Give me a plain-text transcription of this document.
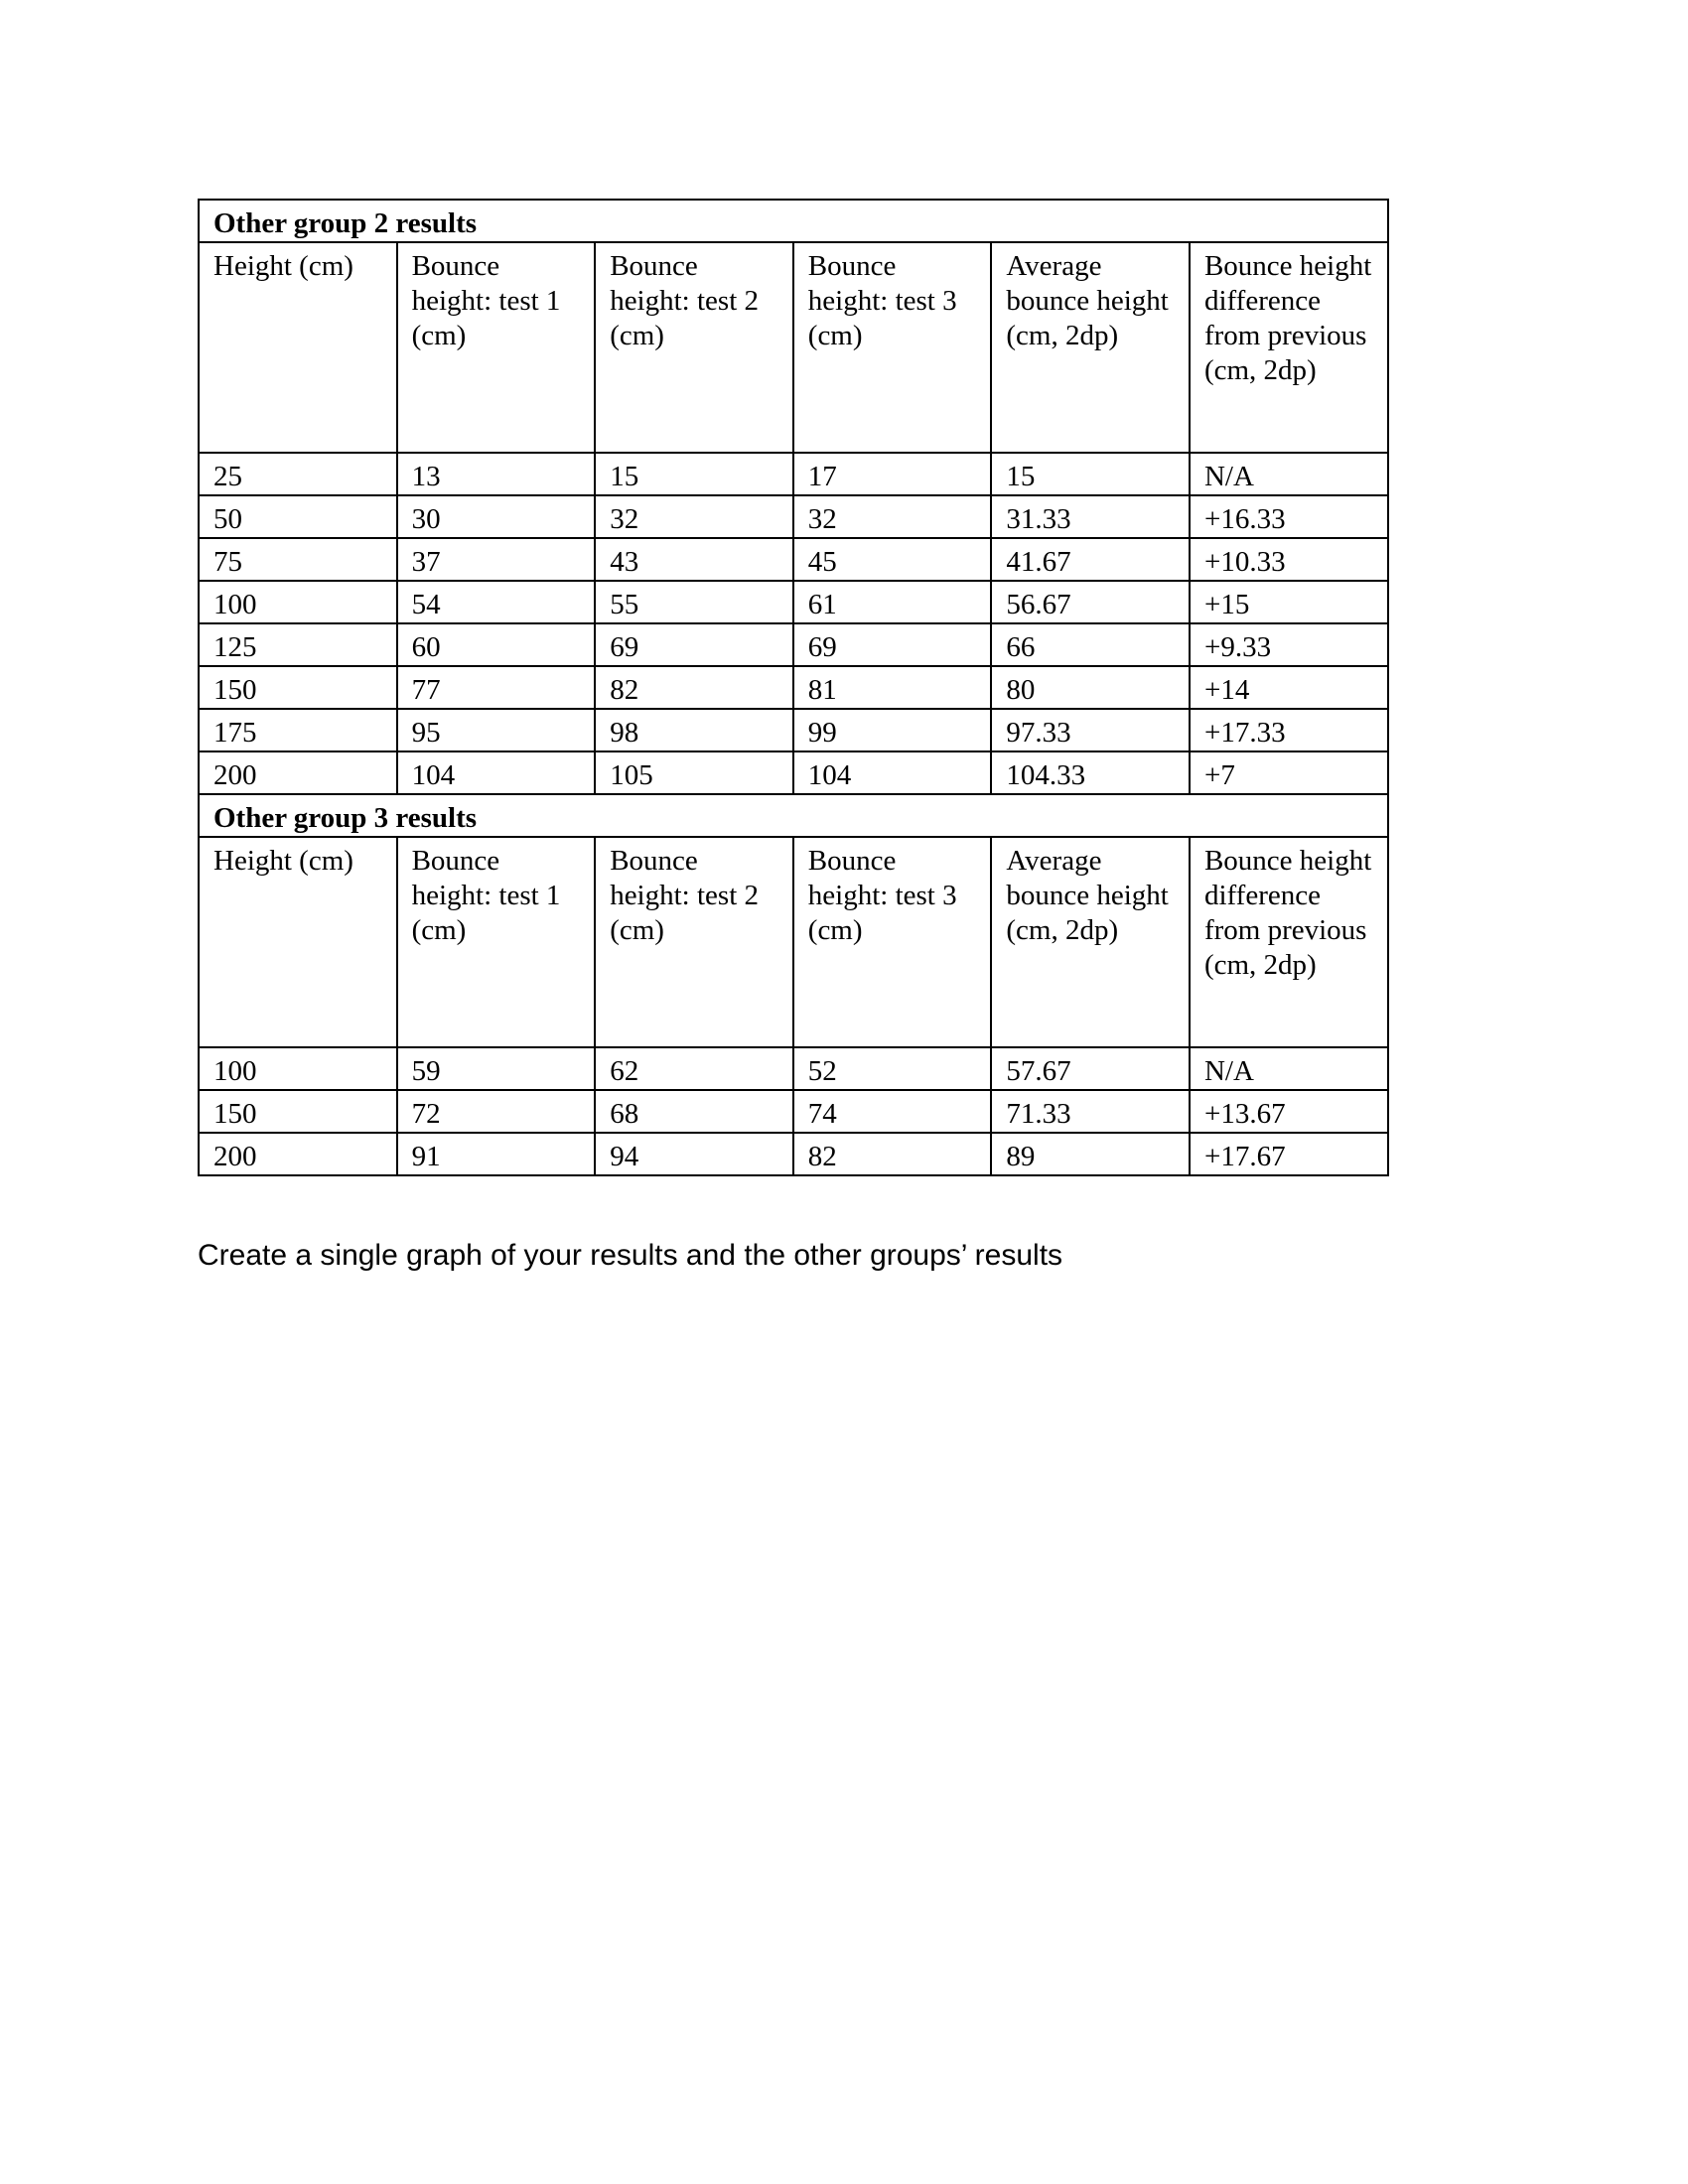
Other group 2 results					
Height (cm)	Bounce height: test 1 (cm)	Bounce height: test 2 (cm)	Bounce height: test 3 (cm)	Average bounce height (cm, 2dp)	Bounce height difference from previous (cm, 2dp)
25	13	15	17	15	N/A
50	30	32	32	31.33	+16.33
75	37	43	45	41.67	+10.33
100	54	55	61	56.67	+15
125	60	69	69	66	+9.33
150	77	82	81	80	+14
175	95	98	99	97.33	+17.33
200	104	105	104	104.33	+7
Other group 3 results					
Height (cm)	Bounce height: test 1 (cm)	Bounce height: test 2 (cm)	Bounce height: test 3 (cm)	Average bounce height (cm, 2dp)	Bounce height difference from previous (cm, 2dp)
100	59	62	52	57.67	N/A
150	72	68	74	71.33	+13.67
200	91	94	82	89	+17.67
Create a single graph of your results and the other groups’ results
